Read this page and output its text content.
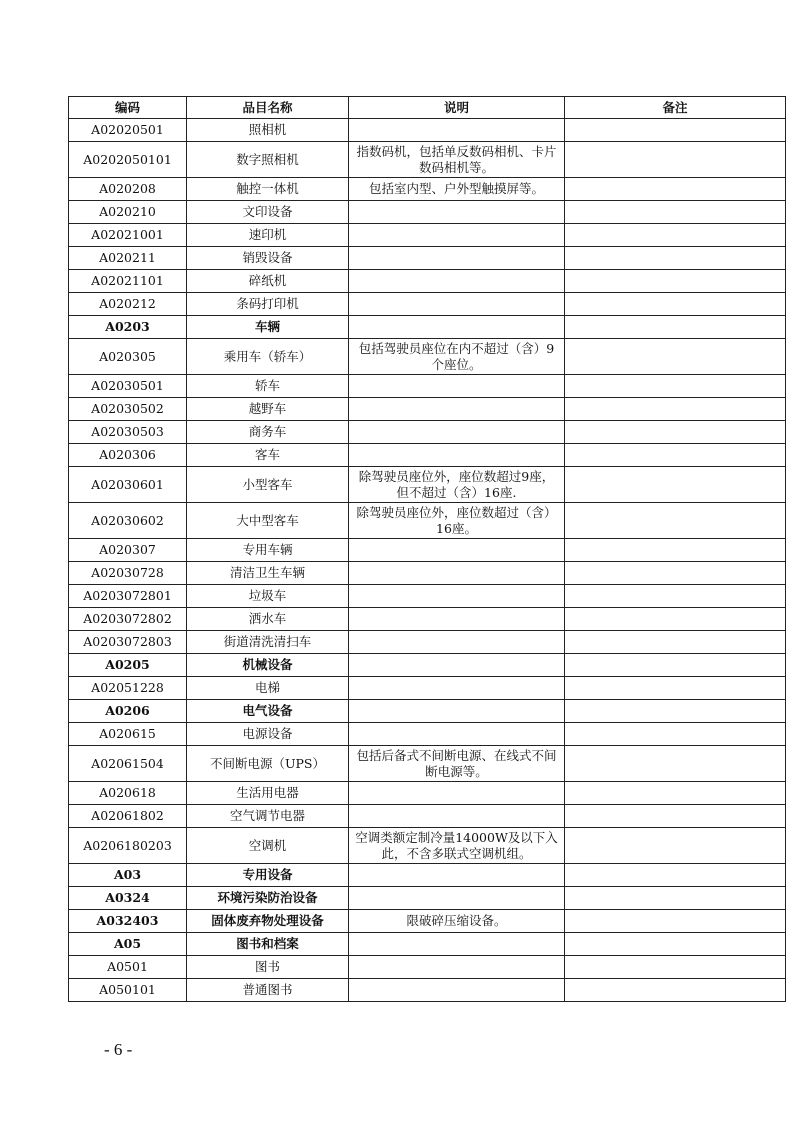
编码	品目名称	说明	备注
A02020501	照相机		
A0202050101	数字照相机	指数码机，包括单反数码相机、卡片数码相机等。	
A020208	触控一体机	包括室内型、户外型触摸屏等。	
A020210	文印设备		
A02021001	速印机		
A020211	销毁设备		
A02021101	碎纸机		
A020212	条码打印机		
A0203	车辆		
A020305	乘用车（轿车）	包括驾驶员座位在内不超过（含）9个座位。	
A02030501	轿车		
A02030502	越野车		
A02030503	商务车		
A020306	客车		
A02030601	小型客车	除驾驶员座位外，座位数超过9座，但不超过（含）16座.	
A02030602	大中型客车	除驾驶员座位外，座位数超过（含）16座。	
A020307	专用车辆		
A02030728	清洁卫生车辆		
A0203072801	垃圾车		
A0203072802	洒水车		
A0203072803	街道清洗清扫车		
A0205	机械设备		
A02051228	电梯		
A0206	电气设备		
A020615	电源设备		
A02061504	不间断电源（UPS）	包括后备式不间断电源、在线式不间断电源等。	
A020618	生活用电器		
A02061802	空气调节电器		
A0206180203	空调机	空调类额定制冷量14000W及以下入此，不含多联式空调机组。	
A03	专用设备		
A0324	环境污染防治设备		
A032403	固体废弃物处理设备	限破碎压缩设备。	
A05	图书和档案		
A0501	图书		
A050101	普通图书		
- 6 -
